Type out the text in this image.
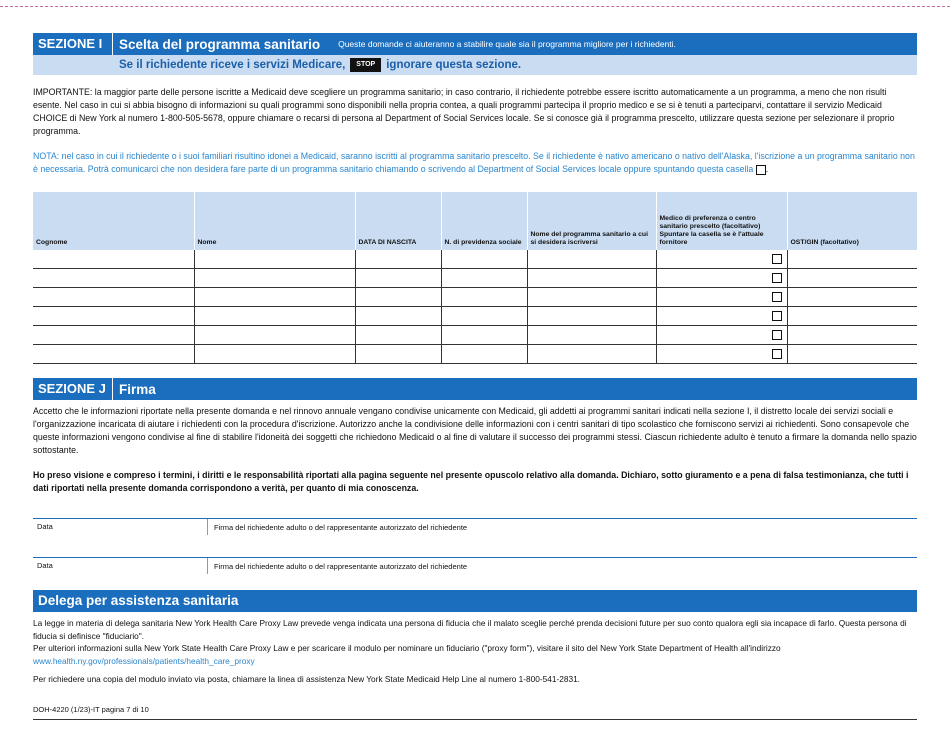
SEZIONE I	Scelta del programma sanitario	Queste domande ci aiuteranno a stabilire quale sia il programma migliore per i richiedenti.
Se il richiedente riceve i servizi Medicare,	STOP ignorare questa sezione.

IMPORTANTE: la maggior parte delle persone iscritte a Medicaid deve scegliere un programma sanitario; in caso contrario, il richiedente potrebbe essere iscritto automaticamente a un programma, a meno che non risulti esente. Nel caso in cui si abbia bisogno di informazioni su quali programmi sono disponibili nella propria contea, a quali programmi partecipa il proprio medico e se si è tenuti a parteciparvi, contattare il servizio Medicaid CHOICE di New York al numero 1-800-505-5678, oppure chiamare o recarsi di persona al Department of Social Services locale. Se si conosce già il programma prescelto, utilizzare questa sezione per selezionare il proprio programma.

NOTA: nel caso in cui il richiedente o i suoi familiari risultino idonei a Medicaid, saranno iscritti al programma sanitario prescelto. Se il richiedente è nativo americano o nativo dell'Alaska, l'iscrizione a un programma sanitario non è necessaria. Potrà comunicarci che non desidera fare parte di un programma sanitario chiamando o scrivendo al Department of Social Services locale oppure spuntando questa casella .
Cognome	Nome	DATA DI NASCITA	N. di previdenza sociale	Nome del programma sanitario a cui si desidera iscriversi	Medico di preferenza o centro sanitario prescelto (facoltativo) Spuntare la casella se è l'attuale fornitore	OST/GIN (facoltativo)

SEZIONE J Firma

Accetto che le informazioni riportate nella presente domanda e nel rinnovo annuale vengano condivise unicamente con Medicaid, gli addetti ai programmi sanitari indicati nella sezione I, il distretto locale dei servizi sociali e l'organizzazione incaricata di aiutare i richiedenti con la procedura d'iscrizione. Autorizzo anche la condivisione delle informazioni con i centri sanitari di tipo scolastico che forniscono servizi ai richiedenti. Sono consapevole che queste informazioni vengono condivise al fine di stabilire l'idoneità dei soggetti che richiedono Medicaid o al fine di valutare il successo dei programmi stessi. Ciascun richiedente adulto è tenuto a firmare la domanda nello spazio sottostante.

Ho preso visione e compreso i termini, i diritti e le responsabilità riportati alla pagina seguente nel presente opuscolo relativo alla domanda. Dichiaro, sotto giuramento e a pena di falsa testimonianza, che tutti i dati riportati nella presente domanda corrispondono a verità, per quanto di mia conoscenza.

Data	Firma del richiedente adulto o del rappresentante autorizzato del richiedente
Data	Firma del richiedente adulto o del rappresentante autorizzato del richiedente
Delega per assistenza sanitaria

La legge in materia di delega sanitaria New York Health Care Proxy Law prevede venga indicata una persona di fiducia che il malato sceglie perché prenda decisioni future per suo conto qualora egli sia incapace di farlo. Questa persona di fiducia si definisce "fiduciario".

Per ulteriori informazioni sulla New York State Health Care Proxy Law e per scaricare il modulo per nominare un fiduciario ("proxy form"), visitare il sito del New York State Department of Health all'indirizzo

www.health.ny.gov/professionals/patients/health_care_proxy

Per richiedere una copia del modulo inviato via posta, chiamare la linea di assistenza New York State Medicaid Help Line al numero 1-800-541-2831.

DOH-4220 (1/23)-IT pagina 7 di 10
